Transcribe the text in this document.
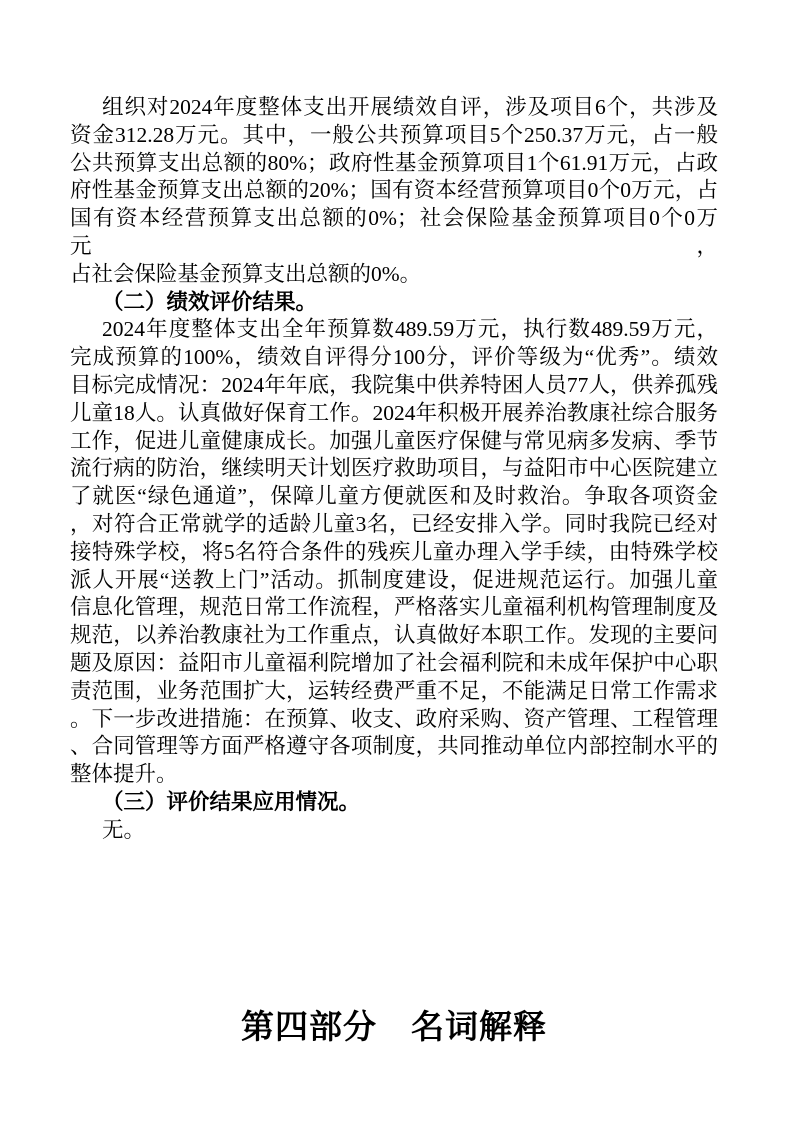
组织对2024年度整体支出开展绩效自评，涉及项目6个，共涉及
资金312.28万元。其中，一般公共预算项目5个250.37万元，占一般
公共预算支出总额的80%；政府性基金预算项目1个61.91万元，占政
府性基金预算支出总额的20%；国有资本经营预算项目0个0万元，占
国有资本经营预算支出总额的0%；社会保险基金预算项目0个0万元，
占社会保险基金预算支出总额的0%。
（二）绩效评价结果。
2024年度整体支出全年预算数489.59万元，执行数489.59万元，
完成预算的100%，绩效自评得分100分，评价等级为“优秀”。绩效
目标完成情况：2024年年底，我院集中供养特困人员77人，供养孤残
儿童18人。认真做好保育工作。2024年积极开展养治教康社综合服务
工作，促进儿童健康成长。加强儿童医疗保健与常见病多发病、季节
流行病的防治，继续明天计划医疗救助项目，与益阳市中心医院建立
了就医“绿色通道”，保障儿童方便就医和及时救治。争取各项资金
，对符合正常就学的适龄儿童3名，已经安排入学。同时我院已经对
接特殊学校，将5名符合条件的残疾儿童办理入学手续，由特殊学校
派人开展“送教上门”活动。抓制度建设，促进规范运行。加强儿童
信息化管理，规范日常工作流程，严格落实儿童福利机构管理制度及
规范，以养治教康社为工作重点，认真做好本职工作。发现的主要问
题及原因：益阳市儿童福利院增加了社会福利院和未成年保护中心职
责范围，业务范围扩大，运转经费严重不足，不能满足日常工作需求
。下一步改进措施：在预算、收支、政府采购、资产管理、工程管理
、合同管理等方面严格遵守各项制度，共同推动单位内部控制水平的
整体提升。
（三）评价结果应用情况。
无。
第四部分　名词解释
